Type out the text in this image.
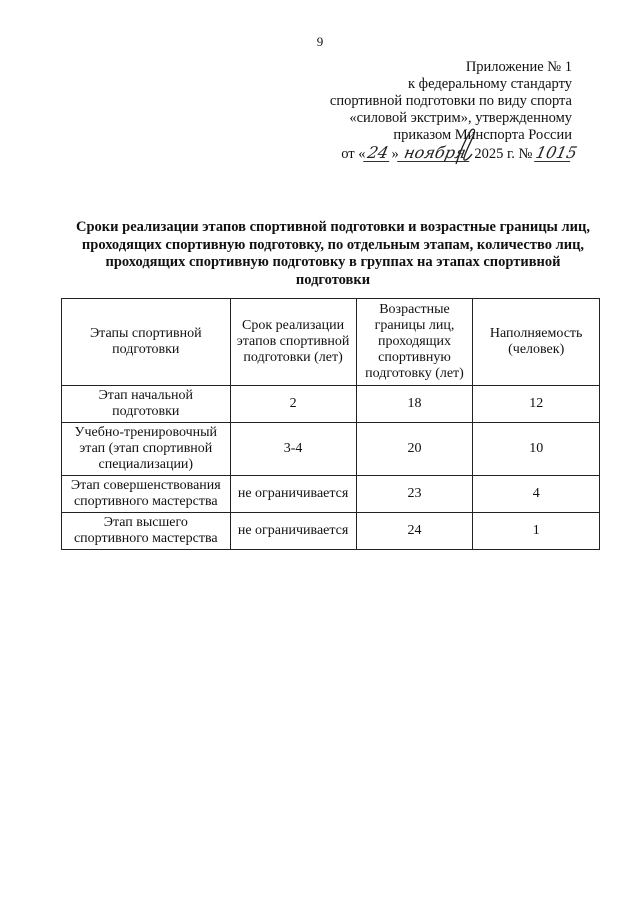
9
Приложение № 1
к федеральному стандарту
спортивной подготовки по виду спорта
«силовой экстрим», утвержденному
приказом Минспорта России
от «24» ноября 2025 г. № 1015
Сроки реализации этапов спортивной подготовки и возрастные границы лиц, проходящих спортивную подготовку, по отдельным этапам, количество лиц, проходящих спортивную подготовку в группах на этапах спортивной подготовки
Этапы спортивной подготовки	Срок реализации этапов спортивной подготовки (лет)	Возрастные границы лиц, проходящих спортивную подготовку (лет)	Наполняемость (человек)
Этап начальной подготовки	2	18	12
Учебно-тренировочный этап (этап спортивной специализации)	3-4	20	10
Этап совершенствования спортивного мастерства	не ограничивается	23	4
Этап высшего спортивного мастерства	не ограничивается	24	1
